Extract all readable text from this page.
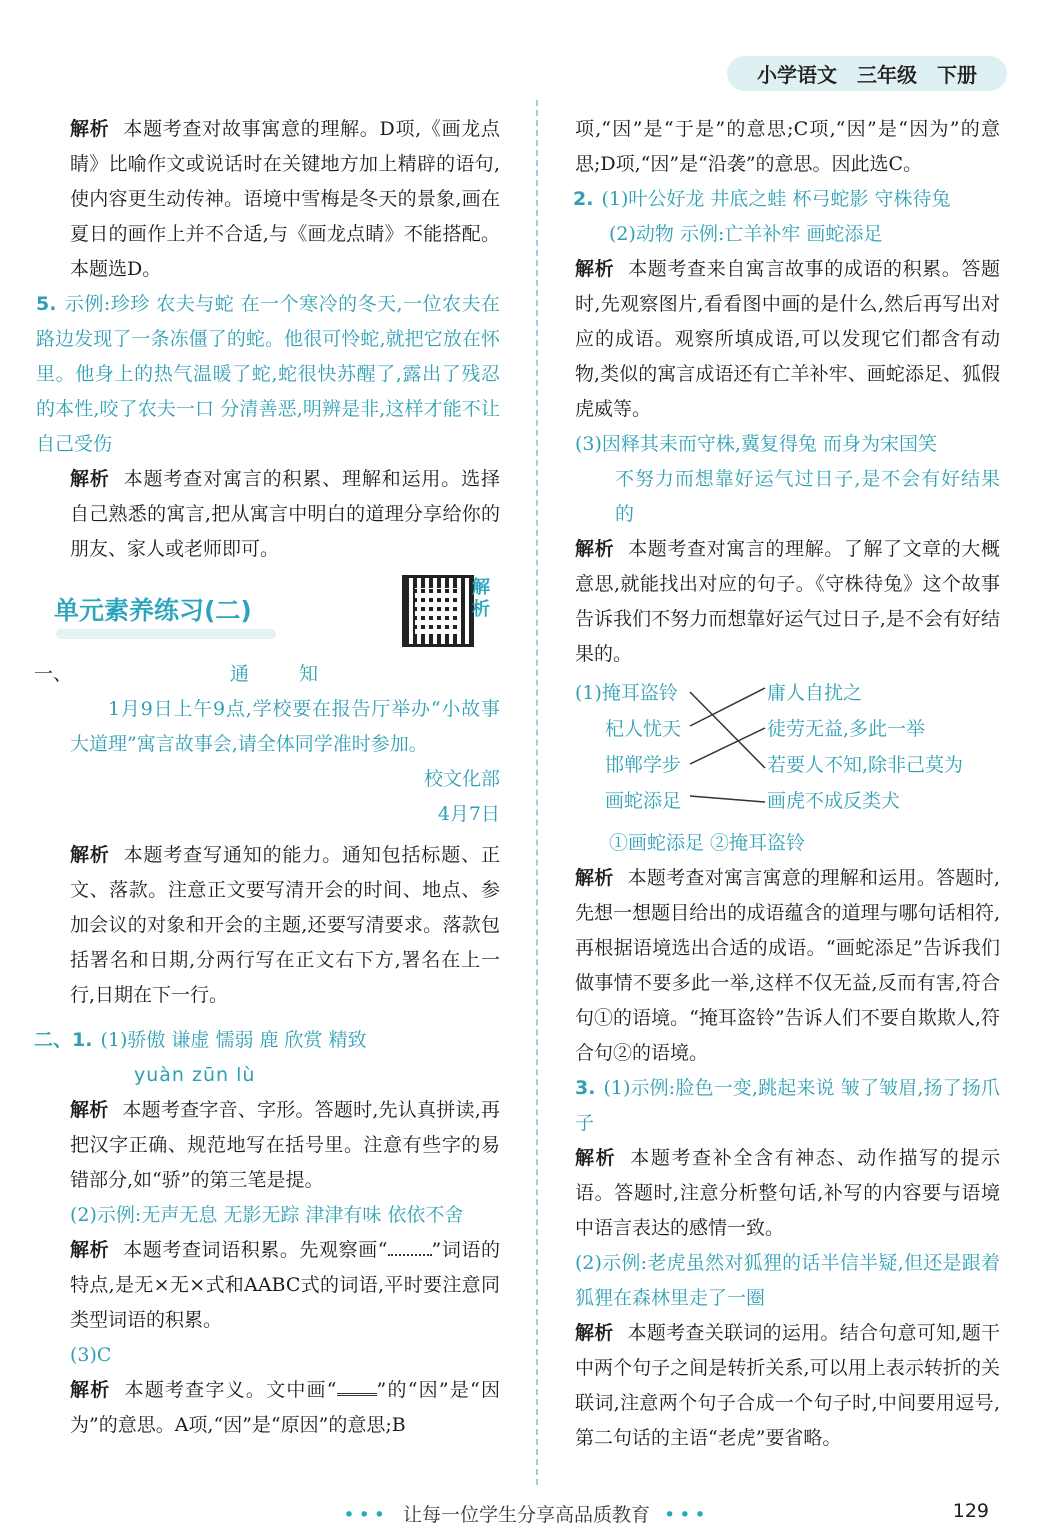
小学语文 三年级 下册

解析 本题考查对故事寓意的理解。D项,《画龙点睛》比喻作文或说话时在关键地方加上精辟的语句,使内容更生动传神。语境中雪梅是冬天的景象,画在夏日的画作上并不合适,与《画龙点睛》不能搭配。本题选D。

5. 示例:珍珍 农夫与蛇 在一个寒冷的冬天,一位农夫在路边发现了一条冻僵了的蛇。他很可怜蛇,就把它放在怀里。他身上的热气温暖了蛇,蛇很快苏醒了,露出了残忍的本性,咬了农夫一口 分清善恶,明辨是非,这样才能不让自己受伤

解析 本题考查对寓言的积累、理解和运用。选择自己熟悉的寓言,把从寓言中明白的道理分享给你的朋友、家人或老师即可。

单元素养练习(二)
解析
一、	通 知

1月9日上午9点,学校要在报告厅举办“小故事大道理”寓言故事会,请全体同学准时参加。

校文化部

4月7日

解析 本题考查写通知的能力。通知包括标题、正文、落款。注意正文要写清开会的时间、地点、参加会议的对象和开会的主题,还要写清要求。落款包括署名和日期,分两行写在正文右下方,署名在上一行,日期在下一行。

二、1. (1)骄傲 谦虚 懦弱 鹿 欣赏 精致

yuàn zūn lù

解析 本题考查字音、字形。答题时,先认真拼读,再把汉字正确、规范地写在括号里。注意有些字的易错部分,如“骄”的第三笔是提。

(2)示例:无声无息 无影无踪 津津有味 依依不舍

解析 本题考查词语积累。先观察画“ ”词语的特点,是无×无×式和AABC式的词语,平时要注意同类型词语的积累。

(3)C

解析 本题考查字义。文中画“ ”的“因”是“因为”的意思。A项,“因”是“原因”的意思;B

项,“因”是“于是”的意思;C项,“因”是“因为”的意思;D项,“因”是“沿袭”的意思。因此选C。

2. (1)叶公好龙 井底之蛙 杯弓蛇影 守株待兔

(2)动物 示例:亡羊补牢 画蛇添足

解析 本题考查来自寓言故事的成语的积累。答题时,先观察图片,看看图中画的是什么,然后再写出对应的成语。观察所填成语,可以发现它们都含有动物,类似的寓言成语还有亡羊补牢、画蛇添足、狐假虎威等。

(3)因释其耒而守株,冀复得兔 而身为宋国笑

不努力而想靠好运气过日子,是不会有好结果的

解析 本题考查对寓言的理解。了解了文章的大概意思,就能找出对应的句子。《守株待兔》这个故事告诉我们不努力而想靠好运气过日子,是不会有好结果的。

(1)掩耳盗铃
杞人忧天
邯郸学步
画蛇添足
庸人自扰之
徒劳无益,多此一举
若要人不知,除非己莫为
画虎不成反类犬

①画蛇添足 ②掩耳盗铃

解析 本题考查对寓言寓意的理解和运用。答题时,先想一想题目给出的成语蕴含的道理与哪句话相符,再根据语境选出合适的成语。“画蛇添足”告诉我们做事情不要多此一举,这样不仅无益,反而有害,符合句①的语境。“掩耳盗铃”告诉人们不要自欺欺人,符合句②的语境。

3. (1)示例:脸色一变,跳起来说 皱了皱眉,扬了扬爪子

解析 本题考查补全含有神态、动作描写的提示语。答题时,注意分析整句话,补写的内容要与语境中语言表达的感情一致。

(2)示例:老虎虽然对狐狸的话半信半疑,但还是跟着狐狸在森林里走了一圈

解析 本题考查关联词的运用。结合句意可知,题干中两个句子之间是转折关系,可以用上表示转折的关联词,注意两个句子合成一个句子时,中间要用逗号,第二句话的主语“老虎”要省略。

••• 让每一位学生分享高品质教育 •••	129
